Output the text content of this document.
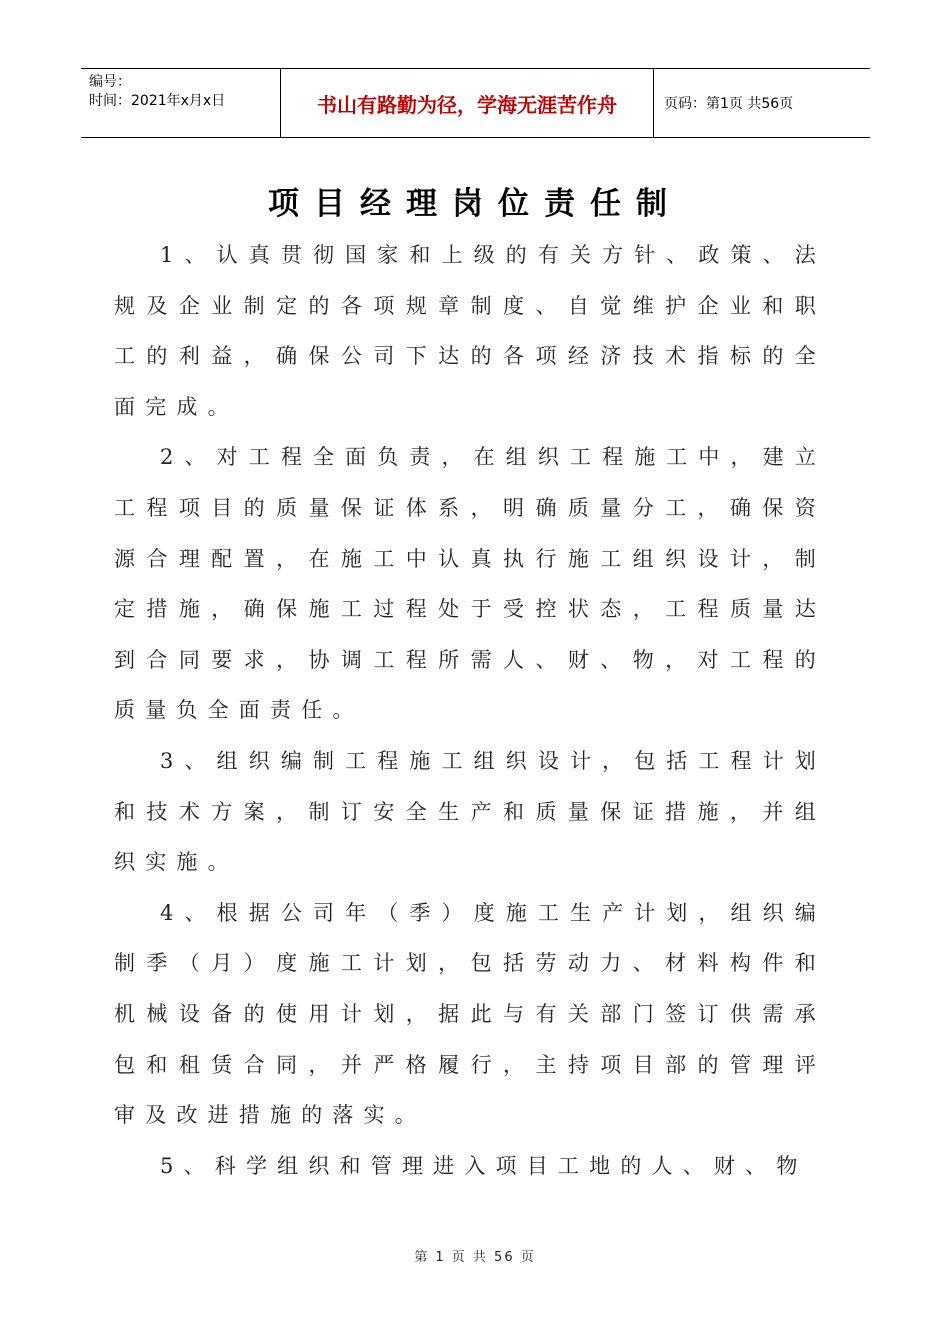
编号：
时间：2021年x月x日	书山有路勤为径，学海无涯苦作舟	页码：第1页 共56页
项目经理岗位责任制

1、认真贯彻国家和上级的有关方针、政策、法规及企业制定的各项规章制度、自觉维护企业和职工的利益，确保公司下达的各项经济技术指标的全面完成。

2、对工程全面负责，在组织工程施工中，建立工程项目的质量保证体系，明确质量分工，确保资源合理配置，在施工中认真执行施工组织设计，制定措施，确保施工过程处于受控状态，工程质量达到合同要求，协调工程所需人、财、物，对工程的质量负全面责任。

3、组织编制工程施工组织设计，包括工程计划和技术方案，制订安全生产和质量保证措施，并组织实施。

4、根据公司年（季）度施工生产计划，组织编制季（月）度施工计划，包括劳动力、材料构件和机械设备的使用计划，据此与有关部门签订供需承包和租赁合同，并严格履行，主持项目部的管理评审及改进措施的落实。

5、科学组织和管理进入项目工地的人、财、物

第 1 页 共 56 页
